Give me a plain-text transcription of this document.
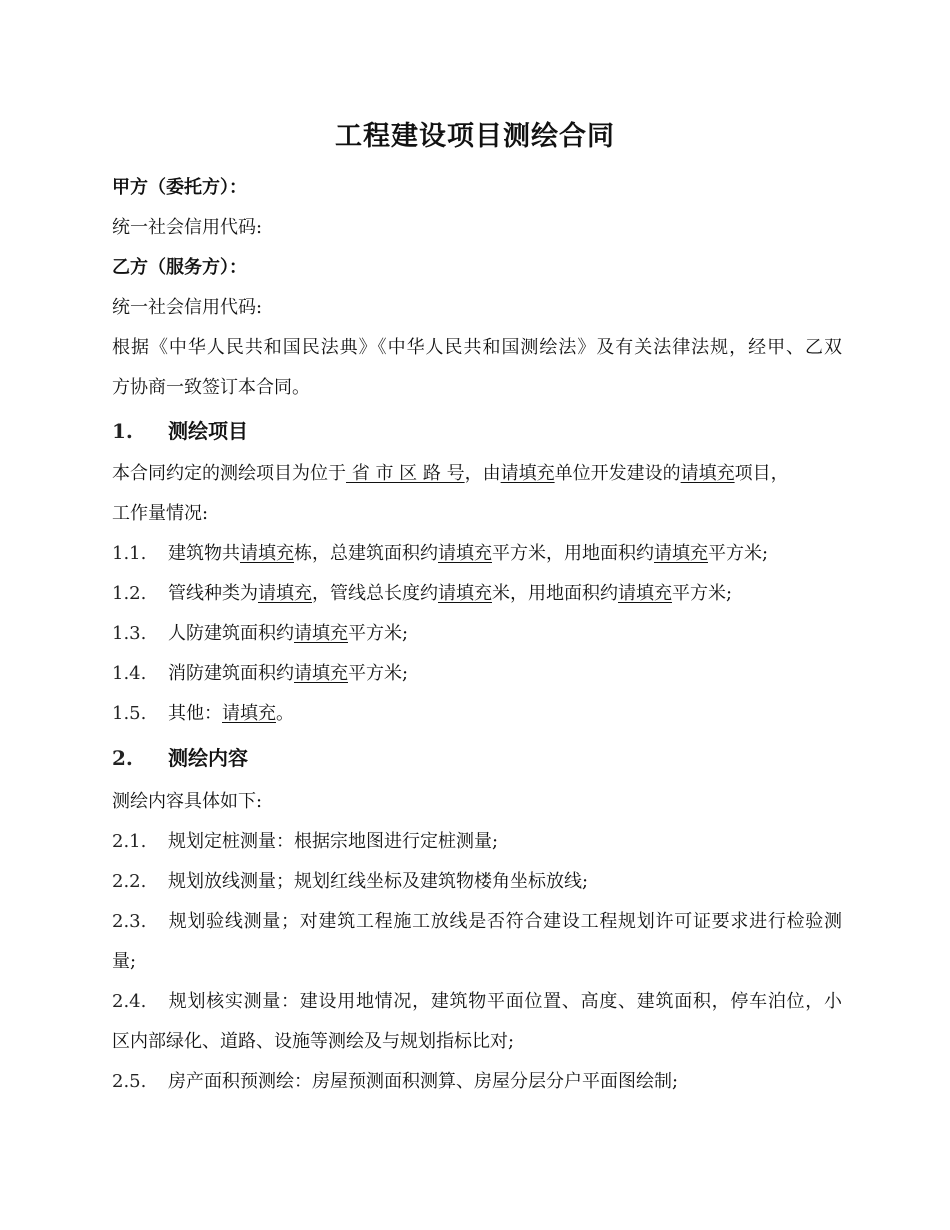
工程建设项目测绘合同
甲方（委托方）：
统一社会信用代码:
乙方（服务方）：
统一社会信用代码:
根据《中华人民共和国民法典》《中华人民共和国测绘法》及有关法律法规，经甲、乙双
方协商一致签订本合同。
1. 测绘项目
本合同约定的测绘项目为位于 省 市 区 路 号，由请填充单位开发建设的请填充项目，
工作量情况:
1.1. 建筑物共请填充栋，总建筑面积约请填充平方米，用地面积约请填充平方米;
1.2. 管线种类为请填充，管线总长度约请填充米，用地面积约请填充平方米;
1.3. 人防建筑面积约请填充平方米;
1.4. 消防建筑面积约请填充平方米;
1.5. 其他：请填充。
2. 测绘内容
测绘内容具体如下:
2.1. 规划定桩测量：根据宗地图进行定桩测量;
2.2. 规划放线测量；规划红线坐标及建筑物楼角坐标放线;
2.3. 规划验线测量；对建筑工程施工放线是否符合建设工程规划许可证要求进行检验测
量;
2.4. 规划核实测量：建设用地情况，建筑物平面位置、高度、建筑面积，停车泊位，小
区内部绿化、道路、设施等测绘及与规划指标比对;
2.5. 房产面积预测绘：房屋预测面积测算、房屋分层分户平面图绘制;
